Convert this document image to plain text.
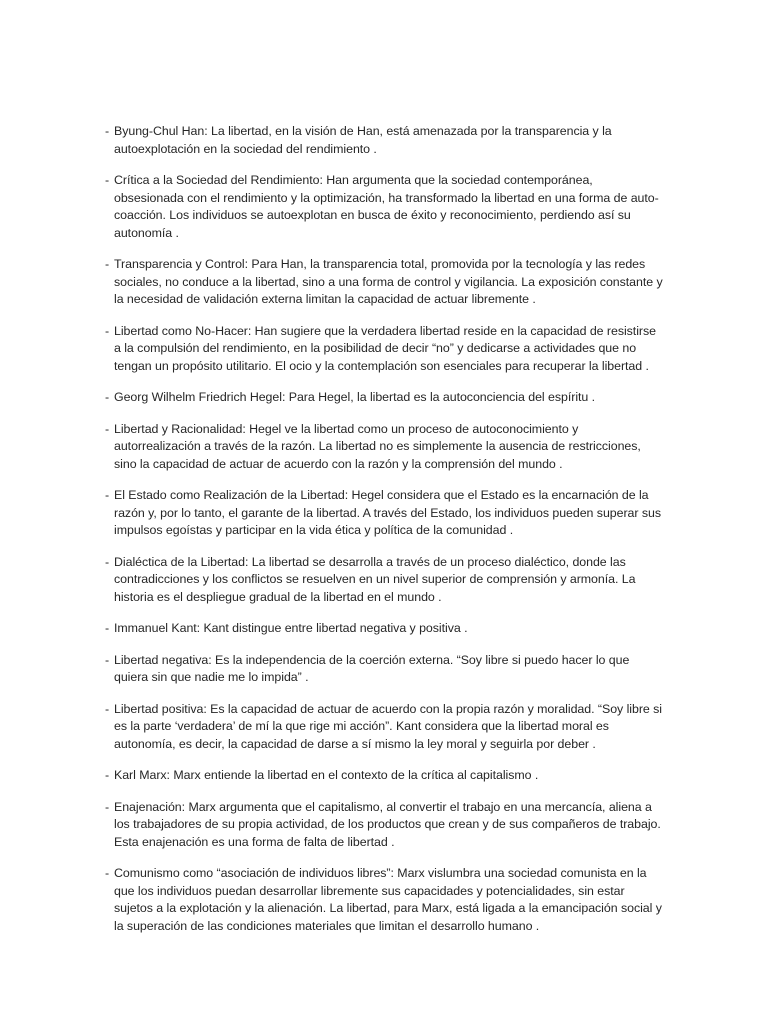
- Byung-Chul Han: La libertad, en la visión de Han, está amenazada por la transparencia y la autoexplotación en la sociedad del rendimiento .
- Crítica a la Sociedad del Rendimiento: Han argumenta que la sociedad contemporánea, obsesionada con el rendimiento y la optimización, ha transformado la libertad en una forma de auto-coacción. Los individuos se autoexplotan en busca de éxito y reconocimiento, perdiendo así su autonomía .
- Transparencia y Control: Para Han, la transparencia total, promovida por la tecnología y las redes sociales, no conduce a la libertad, sino a una forma de control y vigilancia. La exposición constante y la necesidad de validación externa limitan la capacidad de actuar libremente .
- Libertad como No-Hacer: Han sugiere que la verdadera libertad reside en la capacidad de resistirse a la compulsión del rendimiento, en la posibilidad de decir “no” y dedicarse a actividades que no tengan un propósito utilitario. El ocio y la contemplación son esenciales para recuperar la libertad .
- Georg Wilhelm Friedrich Hegel: Para Hegel, la libertad es la autoconciencia del espíritu .
- Libertad y Racionalidad: Hegel ve la libertad como un proceso de autoconocimiento y autorrealización a través de la razón. La libertad no es simplemente la ausencia de restricciones, sino la capacidad de actuar de acuerdo con la razón y la comprensión del mundo .
- El Estado como Realización de la Libertad: Hegel considera que el Estado es la encarnación de la razón y, por lo tanto, el garante de la libertad. A través del Estado, los individuos pueden superar sus impulsos egoístas y participar en la vida ética y política de la comunidad .
- Dialéctica de la Libertad: La libertad se desarrolla a través de un proceso dialéctico, donde las contradicciones y los conflictos se resuelven en un nivel superior de comprensión y armonía. La historia es el despliegue gradual de la libertad en el mundo .
- Immanuel Kant: Kant distingue entre libertad negativa y positiva .
- Libertad negativa: Es la independencia de la coerción externa. “Soy libre si puedo hacer lo que quiera sin que nadie me lo impida” .
- Libertad positiva: Es la capacidad de actuar de acuerdo con la propia razón y moralidad. “Soy libre si es la parte ‘verdadera’ de mí la que rige mi acción”. Kant considera que la libertad moral es autonomía, es decir, la capacidad de darse a sí mismo la ley moral y seguirla por deber .
- Karl Marx: Marx entiende la libertad en el contexto de la crítica al capitalismo .
- Enajenación: Marx argumenta que el capitalismo, al convertir el trabajo en una mercancía, aliena a los trabajadores de su propia actividad, de los productos que crean y de sus compañeros de trabajo. Esta enajenación es una forma de falta de libertad .
- Comunismo como “asociación de individuos libres”: Marx vislumbra una sociedad comunista en la que los individuos puedan desarrollar libremente sus capacidades y potencialidades, sin estar sujetos a la explotación y la alienación. La libertad, para Marx, está ligada a la emancipación social y la superación de las condiciones materiales que limitan el desarrollo humano .
